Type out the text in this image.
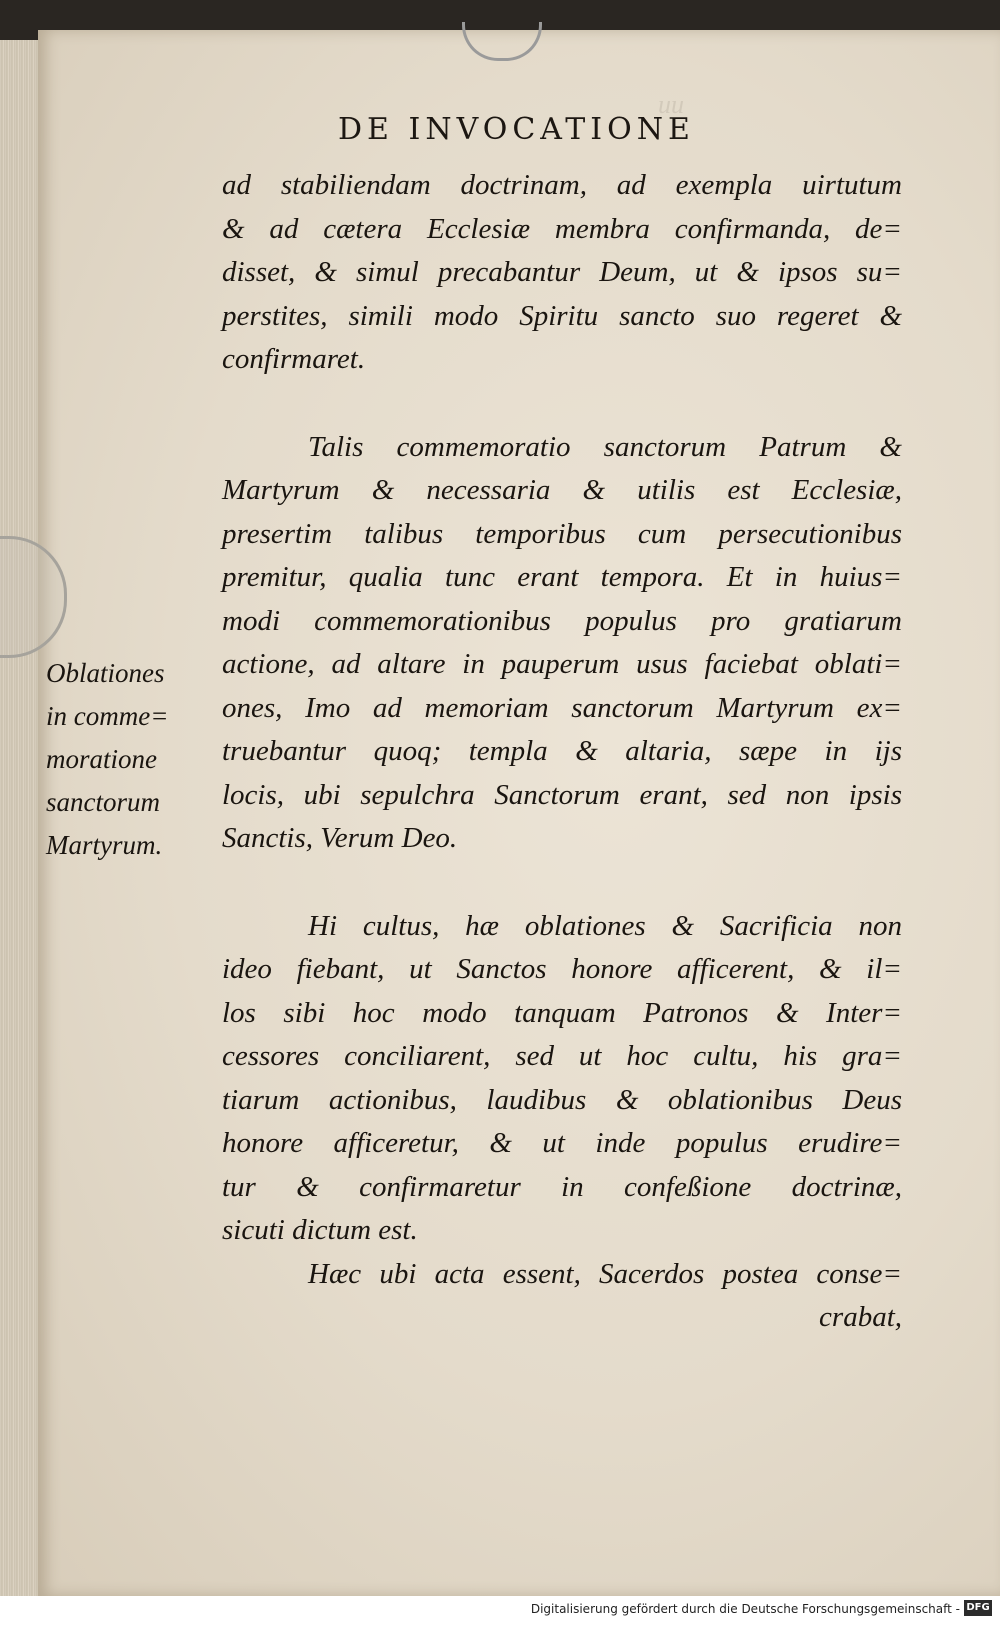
uu
DE INVOCATIONE
ad stabiliendam doctrinam, ad exempla uirtutum
& ad cætera Ecclesiæ membra confirmanda, de=
disset, & simul precabantur Deum, ut & ipsos su=
perstites, simili modo Spiritu sancto suo regeret &
confirmaret.
Talis commemoratio sanctorum Patrum &
Martyrum & necessaria & utilis est Ecclesiæ,
presertim talibus temporibus cum persecutionibus
premitur, qualia tunc erant tempora. Et in huius=
modi commemorationibus populus pro gratiarum
actione, ad altare in pauperum usus faciebat oblati=
ones, Imo ad memoriam sanctorum Martyrum ex=
truebantur quoq; templa & altaria, sæpe in ijs
locis, ubi sepulchra Sanctorum erant, sed non ipsis
Sanctis, Verum Deo.
Hi cultus, hæ oblationes & Sacrificia non
ideo fiebant, ut Sanctos honore afficerent, & il=
los sibi hoc modo tanquam Patronos & Inter=
cessores conciliarent, sed ut hoc cultu, his gra=
tiarum actionibus, laudibus & oblationibus Deus
honore afficeretur, & ut inde populus erudire=
tur & confirmaretur in confeßione doctrinæ,
sicuti dictum est.
Hæc ubi acta essent, Sacerdos postea conse=
crabat,
Oblationes
in comme=
moratione
sanctorum
Martyrum.
Digitalisierung gefördert durch die Deutsche Forschungsgemeinschaft - DFG
